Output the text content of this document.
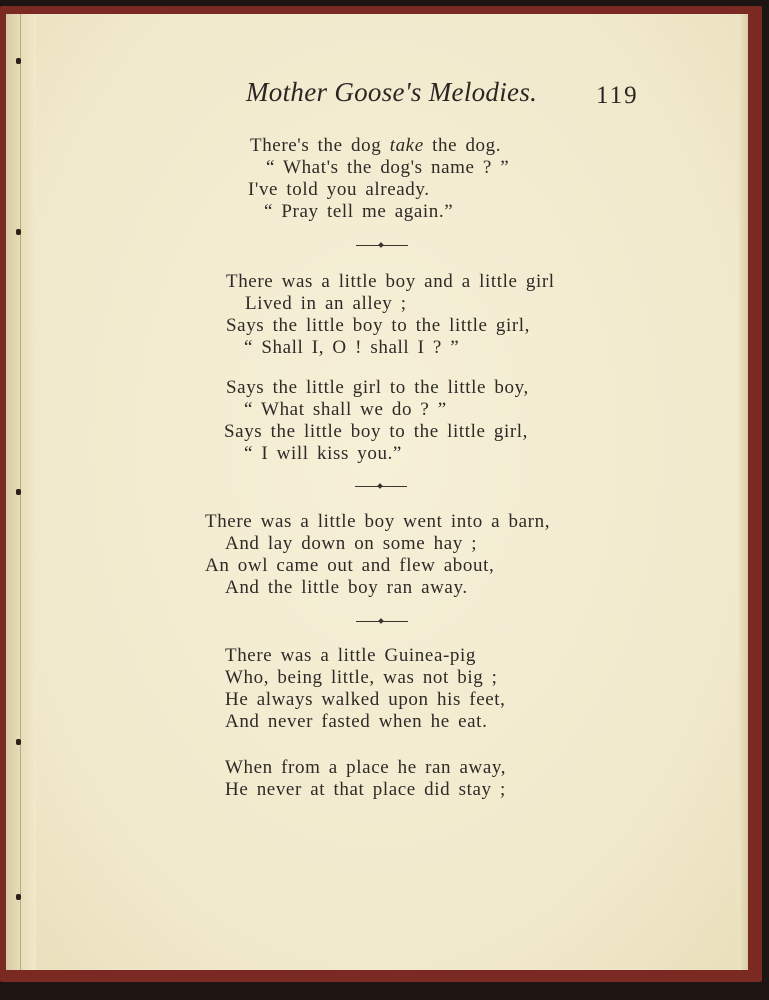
Mother Goose's Melodies. 119
There's the dog take the dog.
“ What's the dog's name ? ”
I've told you already.
“ Pray tell me again.”
There was a little boy and a little girl
Lived in an alley ;
Says the little boy to the little girl,
“ Shall I, O ! shall I ? ”
Says the little girl to the little boy,
“ What shall we do ? ”
Says the little boy to the little girl,
“ I will kiss you.”
There was a little boy went into a barn,
And lay down on some hay ;
An owl came out and flew about,
And the little boy ran away.
There was a little Guinea-pig
Who, being little, was not big ;
He always walked upon his feet,
And never fasted when he eat.
When from a place he ran away,
He never at that place did stay ;
